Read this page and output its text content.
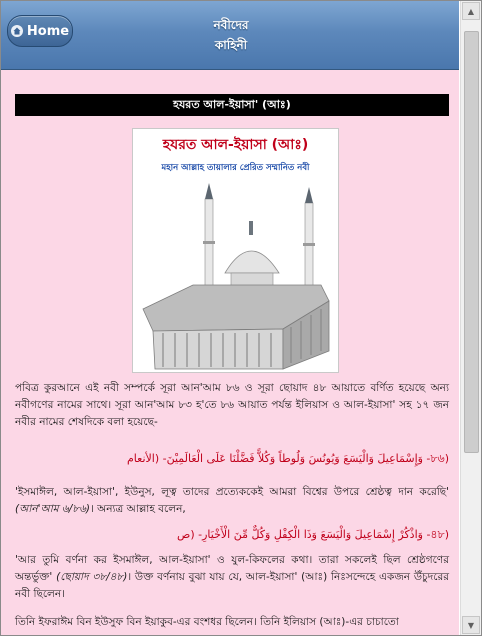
Home	নবীদের
কাহিনী
▲
▼
হযরত আল-ইয়াসা' (আঃ)
হযরত আল-ইয়াসা (আঃ)
মহান আল্লাহ তায়ালার প্রেরিত সম্মানিত নবী
পবিত্র কুরআনে এই নবী সম্পর্কে সূরা আন'আম ৮৬ ও সূরা ছোয়াদ ৪৮ আয়াতে বর্ণিত হয়েছে অন্য নবীগণের নামের সাথে। সূরা আন'আম ৮৩ হ'তে ৮৬ আয়াত পর্যন্ত ইলিয়াস ও আল-ইয়াসা' সহ ১৭ জন নবীর নামের শেষদিকে বলা হয়েছে-
(৮৬- وَإِسْمَاعِيلَ وَالْيَسَعَ وَيُونُسَ وَلُوطاً وَكُلاًّ فَضَّلْنَا عَلَى الْعَالَمِيْنَ- (الأنعام
'ইসমাঈল, আল-ইয়াসা', ইউনুস, লূত্ব তাদের প্রত্যেককেই আমরা বিশ্বের উপরে শ্রেষ্ঠত্ব দান করেছি' (আন'আম ৬/৮৬)। অন্যত্র আল্লাহ বলেন,
(৪৮- وَاذْكُرْ إِسْمَاعِيلَ وَالْيَسَعَ وَذَا الْكِفْلِ وَكُلٌّ مِّنَ الْأَخْيَارِ- (ص
'আর তুমি বর্ণনা কর ইসমাঈল, আল-ইয়াসা' ও যুল-কিফলের কথা। তারা সকলেই ছিল শ্রেষ্ঠগণের অন্তর্ভুক্ত' (ছোয়াদ ৩৮/৪৮)। উক্ত বর্ণনায় বুঝা যায় যে, আল-ইয়াসা' (আঃ) নিঃসন্দেহে একজন উঁচুদরের নবী ছিলেন।
তিনি ইফরাঈম বিন ইউসুফ বিন ইয়াকুব-এর বংশধর ছিলেন। তিনি ইলিয়াস (আঃ)-এর চাচাতো
